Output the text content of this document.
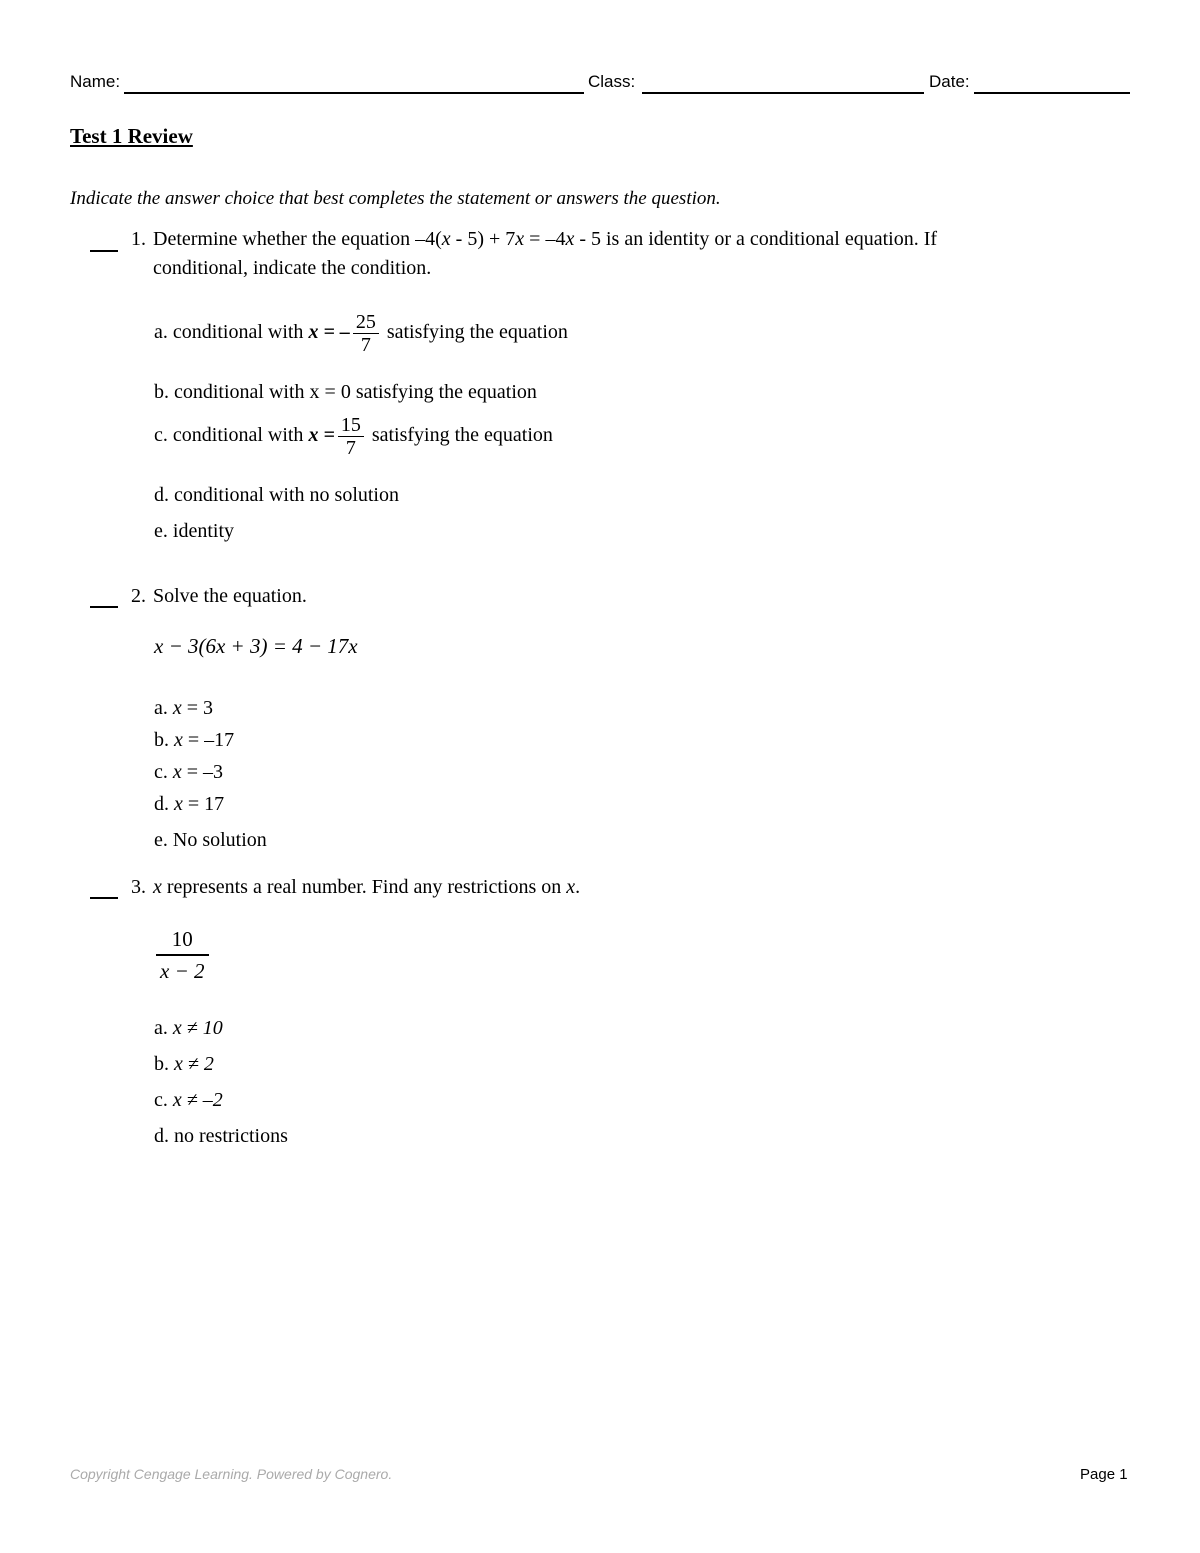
Name:	Class:	Date:
Test 1 Review
Indicate the answer choice that best completes the statement or answers the question.
1. Determine whether the equation –4(x - 5) + 7x = –4x - 5 is an identity or a conditional equation. If
conditional, indicate the condition.
a. conditional with x = – $\frac{25}{7}$ satisfying the equation
b. conditional with x = 0 satisfying the equation
c. conditional with $x = \frac{15}{7}$ satisfying the equation
d. conditional with no solution
e. identity
2. Solve the equation.
x − 3(6x + 3) = 4 − 17x
a. x = 3
b. x = –17
c. x = –3
d. x = 17
e. No solution
3. x represents a real number. Find any restrictions on x.
$\frac{10}{x - 2}$
a. x ≠ 10
b. x ≠ 2
c. x ≠ –2
d. no restrictions
Copyright Cengage Learning. Powered by Cognero.	Page 1
